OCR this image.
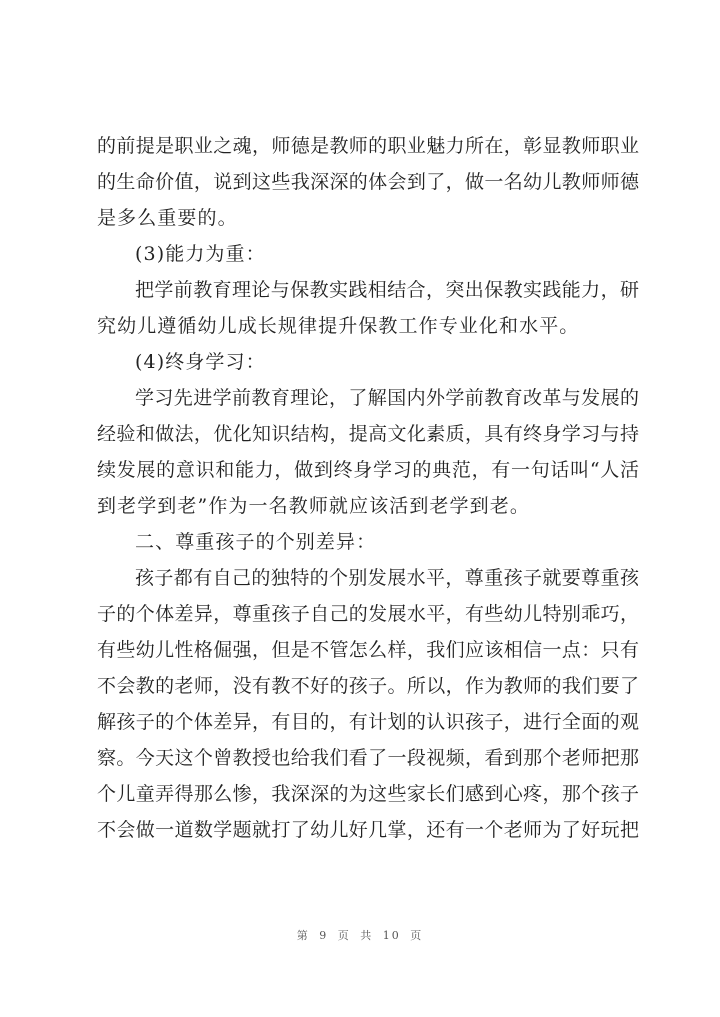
的前提是职业之魂，师德是教师的职业魅力所在，彰显教师职业
的生命价值，说到这些我深深的体会到了，做一名幼儿教师师德
是多么重要的。
(3)能力为重：
把学前教育理论与保教实践相结合，突出保教实践能力，研
究幼儿遵循幼儿成长规律提升保教工作专业化和水平。
(4)终身学习：
学习先进学前教育理论，了解国内外学前教育改革与发展的
经验和做法，优化知识结构，提高文化素质，具有终身学习与持
续发展的意识和能力，做到终身学习的典范，有一句话叫“人活
到老学到老”作为一名教师就应该活到老学到老。
二、尊重孩子的个别差异：
孩子都有自己的独特的个别发展水平，尊重孩子就要尊重孩
子的个体差异，尊重孩子自己的发展水平，有些幼儿特别乖巧，
有些幼儿性格倔强，但是不管怎么样，我们应该相信一点：只有
不会教的老师，没有教不好的孩子。所以，作为教师的我们要了
解孩子的个体差异，有目的，有计划的认识孩子，进行全面的观
察。今天这个曾教授也给我们看了一段视频，看到那个老师把那
个儿童弄得那么惨，我深深的为这些家长们感到心疼，那个孩子
不会做一道数学题就打了幼儿好几掌，还有一个老师为了好玩把
第 9 页 共 10 页
